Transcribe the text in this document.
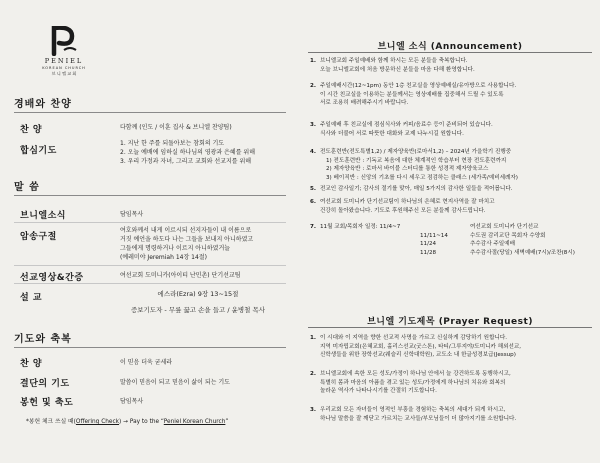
PENIEL
KOREAN CHURCH
브 니 엘 교 회
경배와 찬양
찬 양	다함께 (인도 / 이훈 집사 & 브니엘 찬양팀)
합심기도
1. 지난 한 주를 되돌아보는 참회의 기도
2. 오늘 예배에 임하실 하나님의 영광과 은혜를 위해
3. 우리 가정과 자녀, 그리고 교회와 선교지를 위해
말 씀
브니엘소식	담임목사
암송구절
여호와께서 내게 이르시되 선지자들이 내 이름으로
거짓 예언을 하도다 나는 그들을 보내지 아니하였고
그들에게 명령하거나 이르지 아니하였거늘
(예레미야 Jeremiah 14장 14절)
선교영상&간증	여선교회 도미니카(아이티 난민촌) 단기선교팀
설 교	에스라(Ezra) 9장 13~15절
증보기도자 - 무릎 꿇고 손을 들고 / 윤병철 목사
기도와 축복
찬 양	이 믿음 더욱 굳세라
결단의 기도	말씀이 믿음이 되고 믿음이 삶이 되는 기도
봉헌 및 축도	담임목사
*봉헌 체크 쓰실 때(Offering Check) → Pay to the “Peniel Korean Church”
브니엘 소식 (Announcement)
1. 브니엘교회 주일예배와 함께 하시는 모든 분들을 축복합니다.
오늘 브니엘교회에 처음 방문하신 분들을 마음 다해 환영합니다.
2. 주일예배시간(12~1pm) 동안 1층 친교실을 영상예배실/유아방으로 사용합니다.
이 시간 친교실을 이용하는 분들께서는 영상예배를 집중해서 드릴 수 있도록
서로 조용히 배려해주시기 바랍니다.
3. 주일예배 후 친교실에 점심식사와 커피/음료수 등이 준비되어 있습니다.
식사와 더불어 서로 따뜻한 대화와 교제 나누시길 원합니다.
4. 전도훈련반(전도특별1,2) / 제자양육반(로마서1,2) – 2024년 가을학기 진행중
1) 전도훈련반 : 기독교 복음에 대한 체계적인 학습부터 현장 전도훈련까지
2) 제자양육반 : 로마서 바이블 스터디를 통한 성경적 제자양육코스
3) 베이직반 : 신앙의 기초를 다시 세우고 점검하는 클래스 (세가족/예비세례자)
5. 전교인 감사일기; 감사의 절기를 맞아, 매일 5가지의 감사한 일들을 적어봅니다.
6. 여선교회 도미니카 단기선교팀이 하나님의 은혜로 현지사역을 잘 마치고
건강히 돌아왔습니다. 기도로 후원해주신 모든 분들께 감사드립니다.
7. 11월 교회/목회자 일정: 11/4~7	여선교회 도미니카 단기선교
11/11~14	수도권 감리교단 목회자 수양회
11/24	추수감사 주일예배
11/28	추수감사절(당일) 새벽예배(7시)/조찬(8시)
브니엘 기도제목 (Prayer Request)
1. 이 시대와 이 지역을 향한 선교적 사명을 가르고 신실하게 감당하기 원합니다.
지역 미자립교회(은혜교회, 홀리스선교(굿스톤), 타티/그루지야/도미니카 해외선교,
신학생들을 위한 장학선교(웨슬리 신학대학원), 교도소 내 한글성경보급(Jessup)
2. 브니엘교회에 속한 모든 성도/가정이 하나님 안에서 늘 강건하도록 동행하시고,
특별히 몸과 마음의 아픔을 겪고 있는 성도/가정에게 하나님의 치유와 회복의
놀라운 역사가 나타나시기를 간절히 기도합니다.
3. 우리교회 모든 자녀들이 영적인 부흥을 경험하는 축복의 세대가 되게 하시고,
하나님 말씀을 잘 깨닫고 가르치는 교사들/부모님들이 더 많아지기를 소원합니다.
